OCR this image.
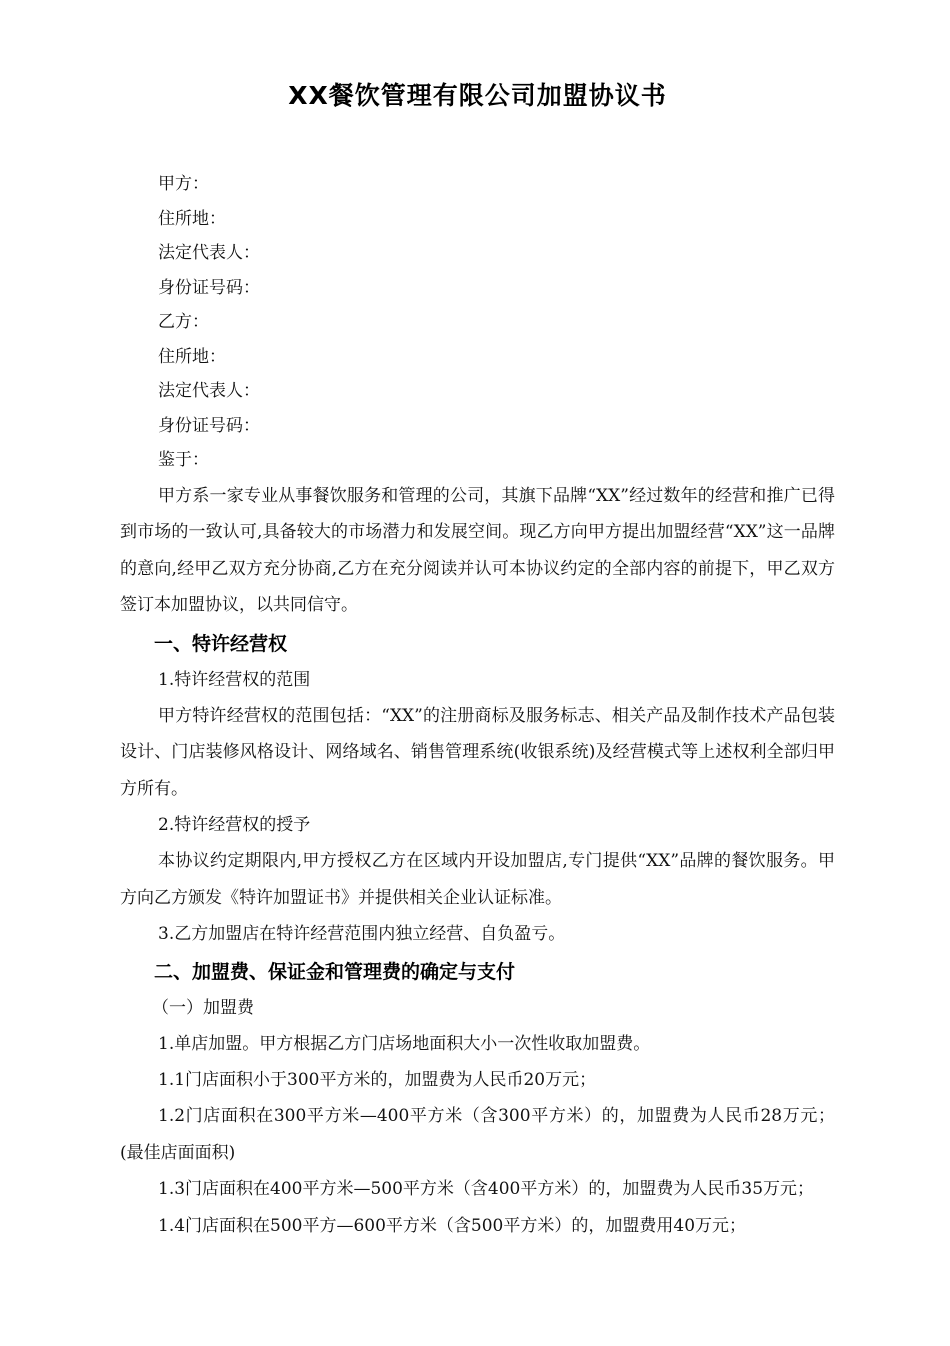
XX餐饮管理有限公司加盟协议书

甲方：

住所地：

法定代表人：

身份证号码：

乙方：

住所地：

法定代表人：

身份证号码：

鉴于：

甲方系一家专业从事餐饮服务和管理的公司，其旗下品牌“XX”经过数年的经营和推广已得到市场的一致认可,具备较大的市场潜力和发展空间。现乙方向甲方提出加盟经营“XX”这一品牌的意向,经甲乙双方充分协商,乙方在充分阅读并认可本协议约定的全部内容的前提下，甲乙双方签订本加盟协议，以共同信守。

一、特许经营权

1.特许经营权的范围

甲方特许经营权的范围包括：“XX”的注册商标及服务标志、相关产品及制作技术产品包装设计、门店装修风格设计、网络域名、销售管理系统(收银系统)及经营模式等上述权利全部归甲方所有。

2.特许经营权的授予

本协议约定期限内,甲方授权乙方在区域内开设加盟店,专门提供“XX”品牌的餐饮服务。甲方向乙方颁发《特许加盟证书》并提供相关企业认证标准。

3.乙方加盟店在特许经营范围内独立经营、自负盈亏。

二、加盟费、保证金和管理费的确定与支付

（一）加盟费

1.单店加盟。甲方根据乙方门店场地面积大小一次性收取加盟费。

1.1门店面积小于300平方米的，加盟费为人民币20万元；

1.2门店面积在300平方米—400平方米（含300平方米）的，加盟费为人民币28万元；(最佳店面面积)

1.3门店面积在400平方米—500平方米（含400平方米）的，加盟费为人民币35万元；

1.4门店面积在500平方—600平方米（含500平方米）的，加盟费用40万元；
